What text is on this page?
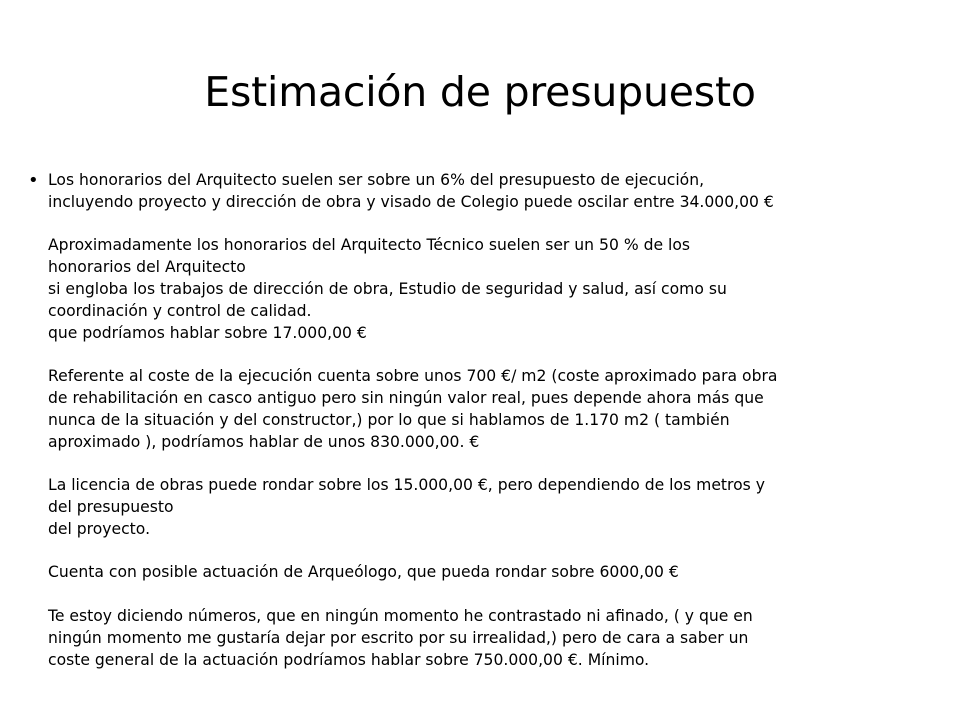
Estimación de presupuesto
• Los honorarios del Arquitecto suelen ser sobre un 6% del presupuesto de ejecución,

incluyendo proyecto y dirección de obra y visado de Colegio puede oscilar entre 34.000,00 €

Aproximadamente los honorarios del Arquitecto Técnico suelen ser un 50 % de los

honorarios del Arquitecto

si engloba los trabajos de dirección de obra, Estudio de seguridad y salud, así como su

coordinación y control de calidad.

que podríamos hablar sobre 17.000,00 €

Referente al coste de la ejecución cuenta sobre unos 700 €/ m2 (coste aproximado para obra

de rehabilitación en casco antiguo pero sin ningún valor real, pues depende ahora más que

nunca de la situación y del constructor,) por lo que si hablamos de 1.170 m2 ( también

aproximado ), podríamos hablar de unos 830.000,00. €

La licencia de obras puede rondar sobre los 15.000,00 €, pero dependiendo de los metros y

del presupuesto

del proyecto.

Cuenta con posible actuación de Arqueólogo, que pueda rondar sobre 6000,00 €

Te estoy diciendo números, que en ningún momento he contrastado ni afinado, ( y que en

ningún momento me gustaría dejar por escrito por su irrealidad,) pero de cara a saber un

coste general de la actuación podríamos hablar sobre 750.000,00 €. Mínimo.
